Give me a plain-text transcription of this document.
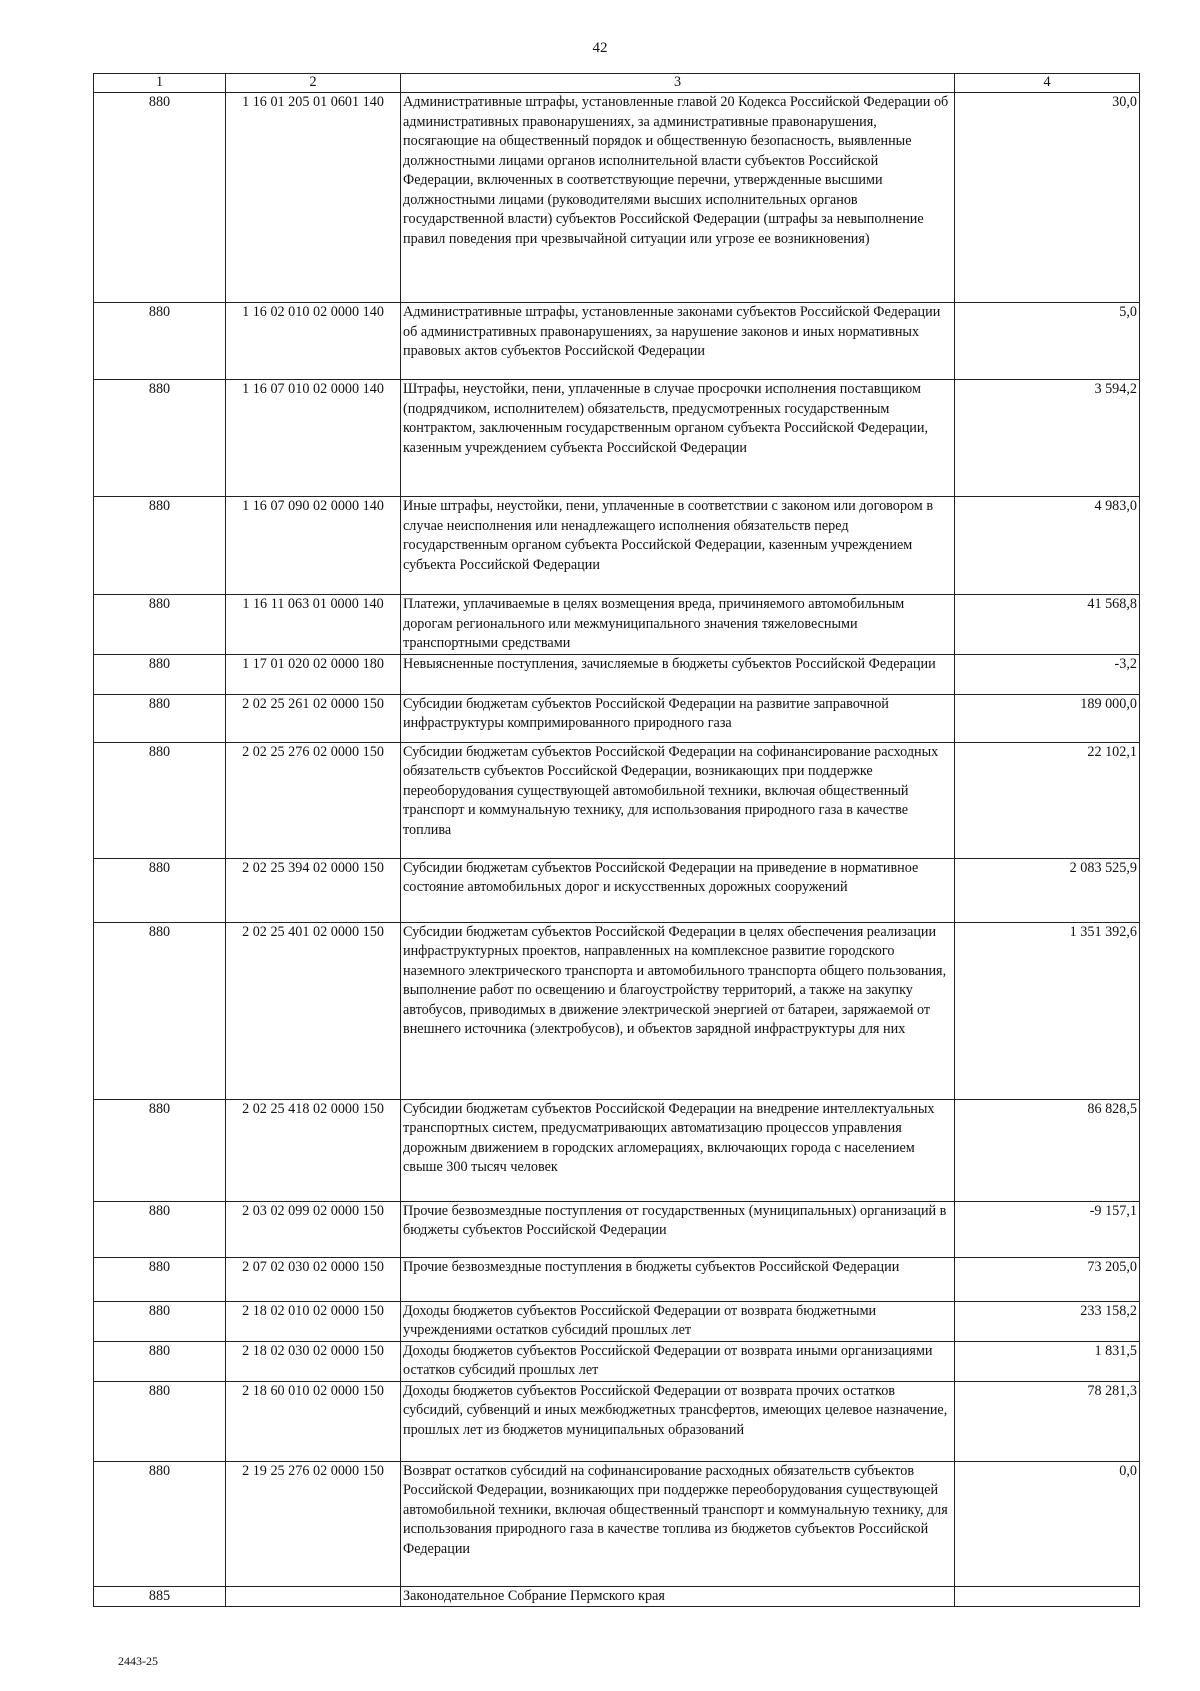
42
1	2	3	4
880	1 16 01 205 01 0601 140	Административные штрафы, установленные главой 20 Кодекса Российской Федерации об административных правонарушениях, за административные правонарушения, посягающие на общественный порядок и общественную безопасность, выявленные должностными лицами органов исполнительной власти субъектов Российской Федерации, включенных в соответствующие перечни, утвержденные высшими должностными лицами (руководителями высших исполнительных органов государственной власти) субъектов Российской Федерации (штрафы за невыполнение правил поведения при чрезвычайной ситуации или угрозе ее возникновения)	30,0
880	1 16 02 010 02 0000 140	Административные штрафы, установленные законами субъектов Российской Федерации об административных правонарушениях, за нарушение законов и иных нормативных правовых актов субъектов Российской Федерации	5,0
880	1 16 07 010 02 0000 140	Штрафы, неустойки, пени, уплаченные в случае просрочки исполнения поставщиком (подрядчиком, исполнителем) обязательств, предусмотренных государственным контрактом, заключенным государственным органом субъекта Российской Федерации, казенным учреждением субъекта Российской Федерации	3 594,2
880	1 16 07 090 02 0000 140	Иные штрафы, неустойки, пени, уплаченные в соответствии с законом или договором в случае неисполнения или ненадлежащего исполнения обязательств перед государственным органом субъекта Российской Федерации, казенным учреждением субъекта Российской Федерации	4 983,0
880	1 16 11 063 01 0000 140	Платежи, уплачиваемые в целях возмещения вреда, причиняемого автомобильным дорогам регионального или межмуниципального значения тяжеловесными транспортными средствами	41 568,8
880	1 17 01 020 02 0000 180	Невыясненные поступления, зачисляемые в бюджеты субъектов Российской Федерации	-3,2
880	2 02 25 261 02 0000 150	Субсидии бюджетам субъектов Российской Федерации на развитие заправочной инфраструктуры компримированного природного газа	189 000,0
880	2 02 25 276 02 0000 150	Субсидии бюджетам субъектов Российской Федерации на софинансирование расходных обязательств субъектов Российской Федерации, возникающих при поддержке переоборудования существующей автомобильной техники, включая общественный транспорт и коммунальную технику, для использования природного газа в качестве топлива	22 102,1
880	2 02 25 394 02 0000 150	Субсидии бюджетам субъектов Российской Федерации на приведение в нормативное состояние автомобильных дорог и искусственных дорожных сооружений	2 083 525,9
880	2 02 25 401 02 0000 150	Субсидии бюджетам субъектов Российской Федерации в целях обеспечения реализации инфраструктурных проектов, направленных на комплексное развитие городского наземного электрического транспорта и автомобильного транспорта общего пользования, выполнение работ по освещению и благоустройству территорий, а также на закупку автобусов, приводимых в движение электрической энергией от батареи, заряжаемой от внешнего источника (электробусов), и объектов зарядной инфраструктуры для них	1 351 392,6
880	2 02 25 418 02 0000 150	Субсидии бюджетам субъектов Российской Федерации на внедрение интеллектуальных транспортных систем, предусматривающих автоматизацию процессов управления дорожным движением в городских агломерациях, включающих города с населением свыше 300 тысяч человек	86 828,5
880	2 03 02 099 02 0000 150	Прочие безвозмездные поступления от государственных (муниципальных) организаций в бюджеты субъектов Российской Федерации	-9 157,1
880	2 07 02 030 02 0000 150	Прочие безвозмездные поступления в бюджеты субъектов Российской Федерации	73 205,0
880	2 18 02 010 02 0000 150	Доходы бюджетов субъектов Российской Федерации от возврата бюджетными учреждениями остатков субсидий прошлых лет	233 158,2
880	2 18 02 030 02 0000 150	Доходы бюджетов субъектов Российской Федерации от возврата иными организациями остатков субсидий прошлых лет	1 831,5
880	2 18 60 010 02 0000 150	Доходы бюджетов субъектов Российской Федерации от возврата прочих остатков субсидий, субвенций и иных межбюджетных трансфертов, имеющих целевое назначение, прошлых лет из бюджетов муниципальных образований	78 281,3
880	2 19 25 276 02 0000 150	Возврат остатков субсидий на софинансирование расходных обязательств субъектов Российской Федерации, возникающих при поддержке переоборудования существующей автомобильной техники, включая общественный транспорт и коммунальную технику, для использования природного газа в качестве топлива из бюджетов субъектов Российской Федерации	0,0
885		Законодательное Собрание Пермского края	
2443-25
